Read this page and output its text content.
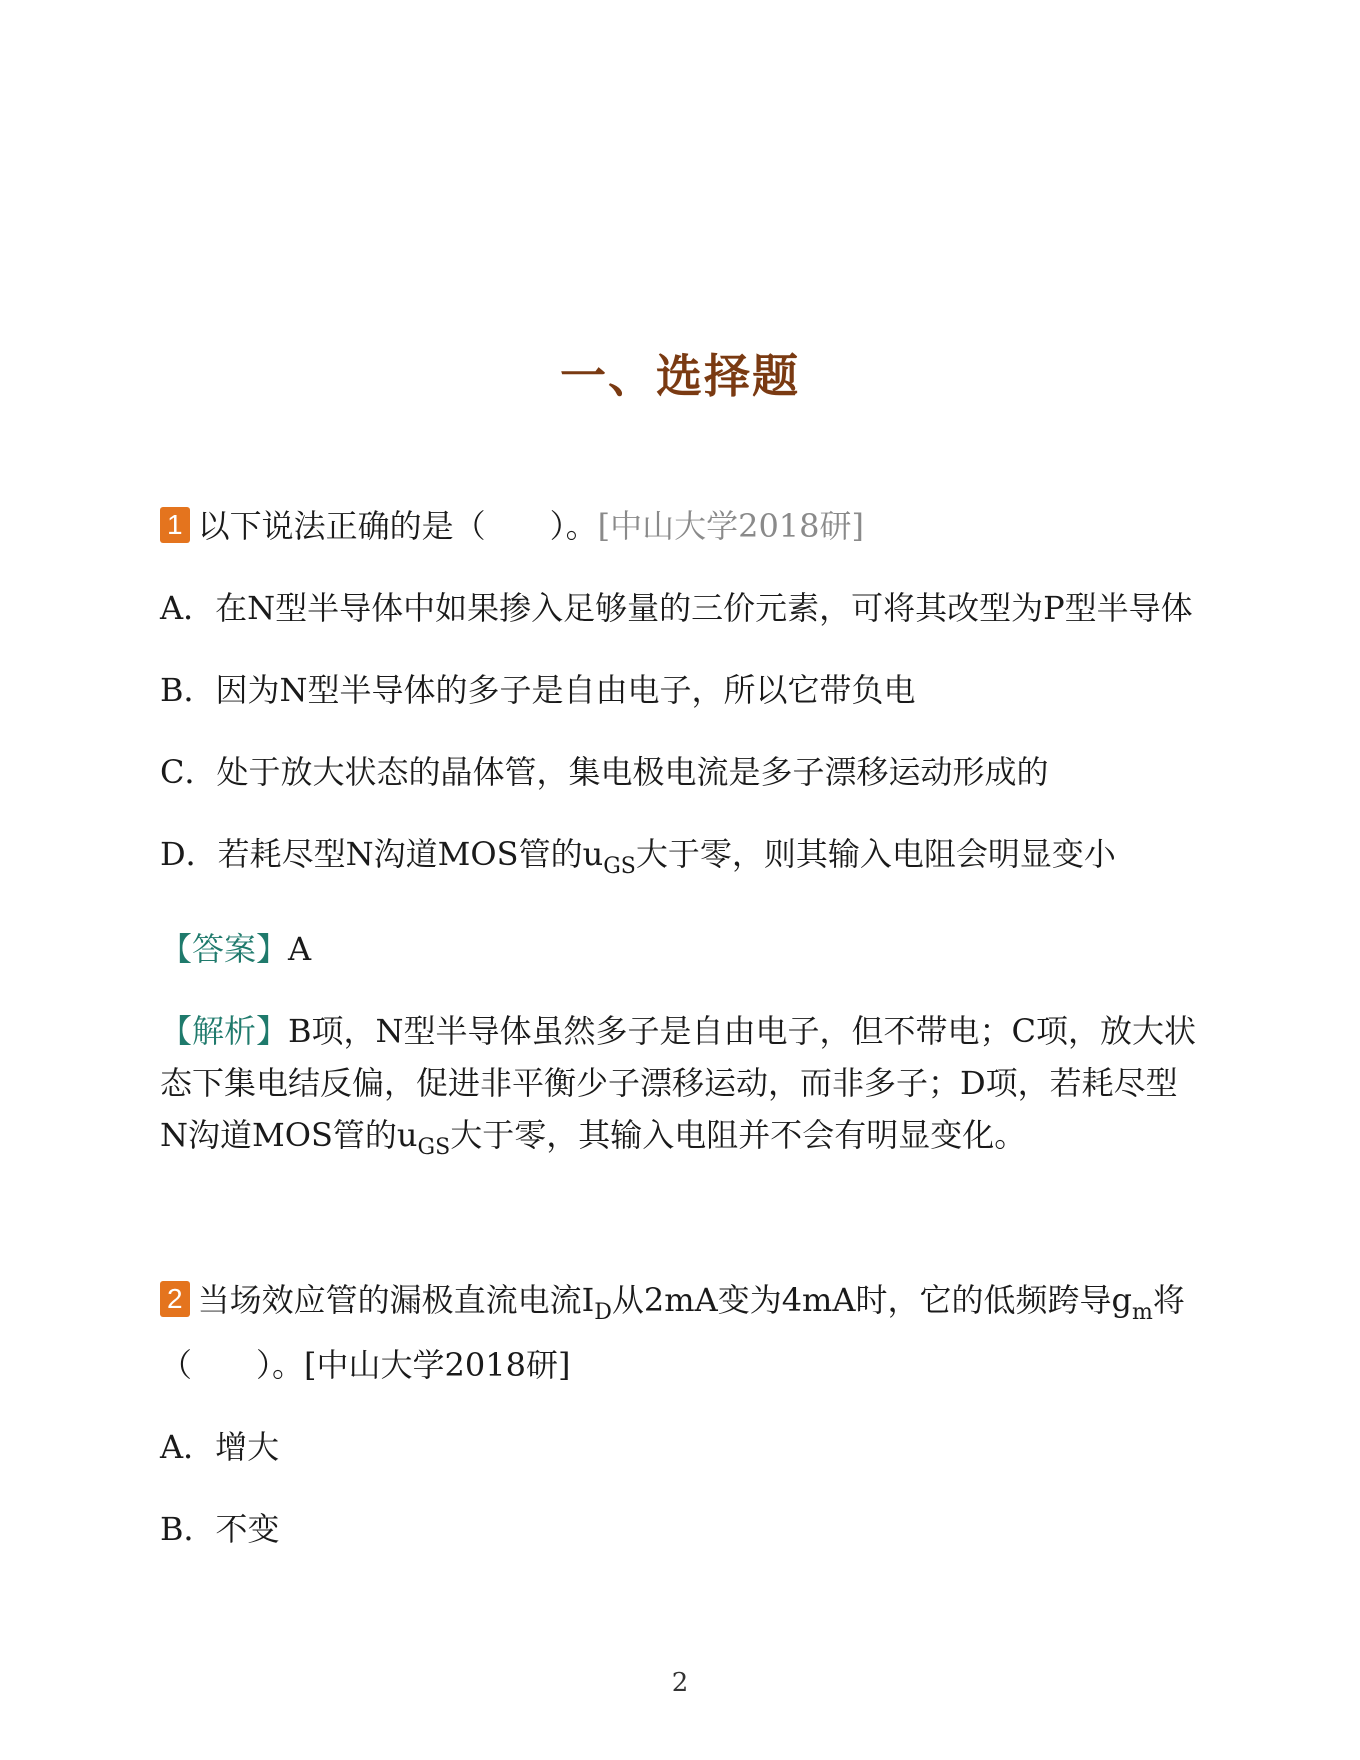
一、选择题

1 以下说法正确的是（　　）。[中山大学2018研]

A．在N型半导体中如果掺入足够量的三价元素，可将其改型为P型半导体

B．因为N型半导体的多子是自由电子，所以它带负电

C．处于放大状态的晶体管，集电极电流是多子漂移运动形成的

D．若耗尽型N沟道MOS管的$u_{GS}$大于零，则其输入电阻会明显变小

【答案】A

【解析】B项，N型半导体虽然多子是自由电子，但不带电；C项，放大状态下集电结反偏，促进非平衡少子漂移运动，而非多子；D项，若耗尽型N沟道MOS管的$u_{GS}$大于零，其输入电阻并不会有明显变化。

2 当场效应管的漏极直流电流$I_D$从2mA变为4mA时，它的低频跨导$g_m$将（　　）。[中山大学2018研]

A．增大

B．不变

2
